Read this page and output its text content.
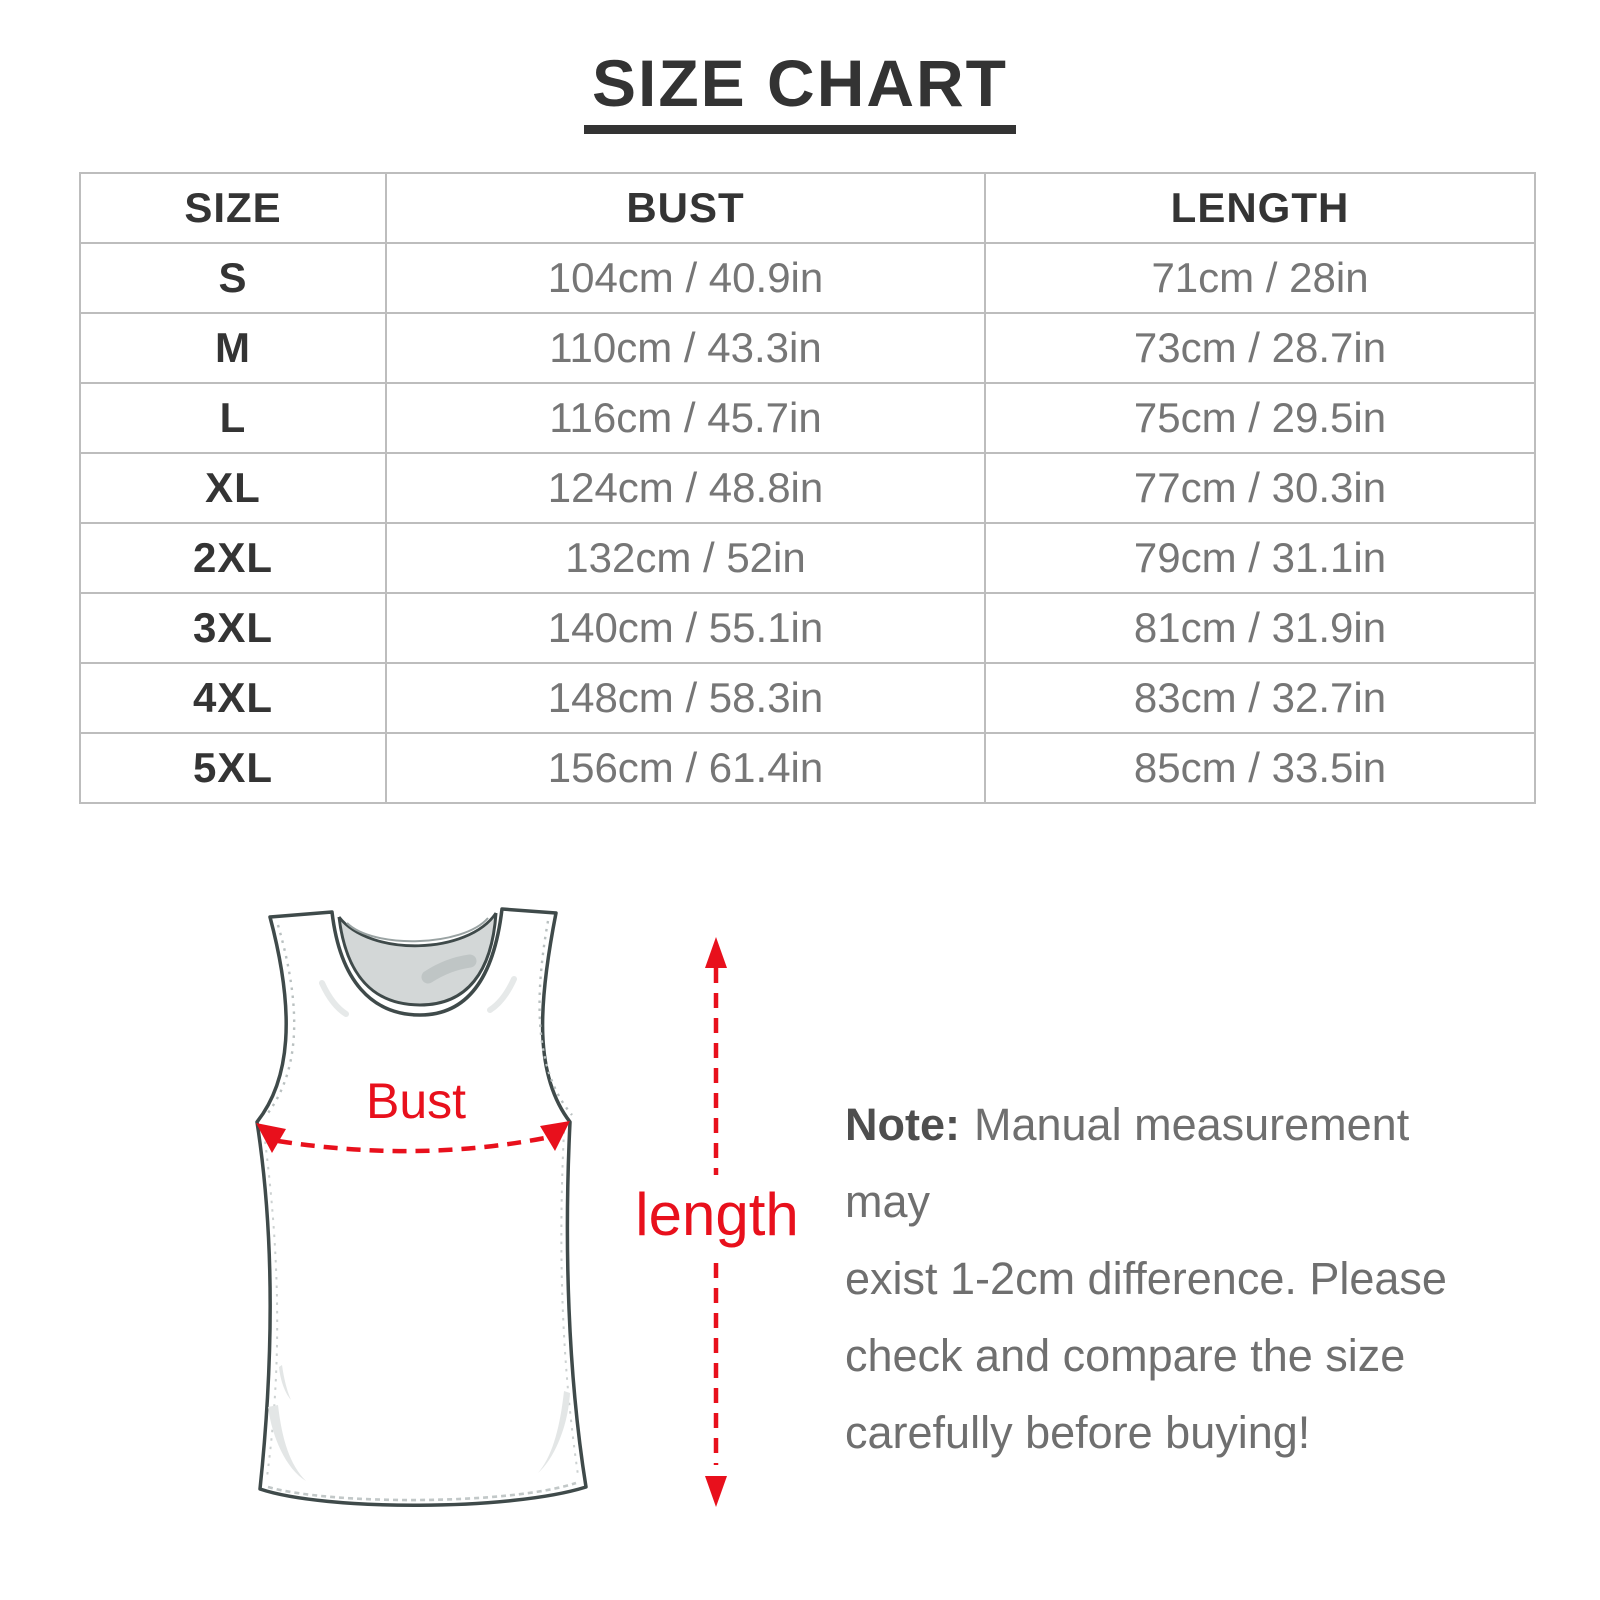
SIZE CHART
SIZE	BUST	LENGTH
S	104cm / 40.9in	71cm / 28in
M	110cm / 43.3in	73cm / 28.7in
L	116cm / 45.7in	75cm / 29.5in
XL	124cm / 48.8in	77cm / 30.3in
2XL	132cm / 52in	79cm / 31.1in
3XL	140cm / 55.1in	81cm / 31.9in
4XL	148cm / 58.3in	83cm / 32.7in
5XL	156cm / 61.4in	85cm / 33.5in
Bust
length
Note: Manual measurement may
exist 1-2cm difference. Please
check and compare the size
carefully before buying!
